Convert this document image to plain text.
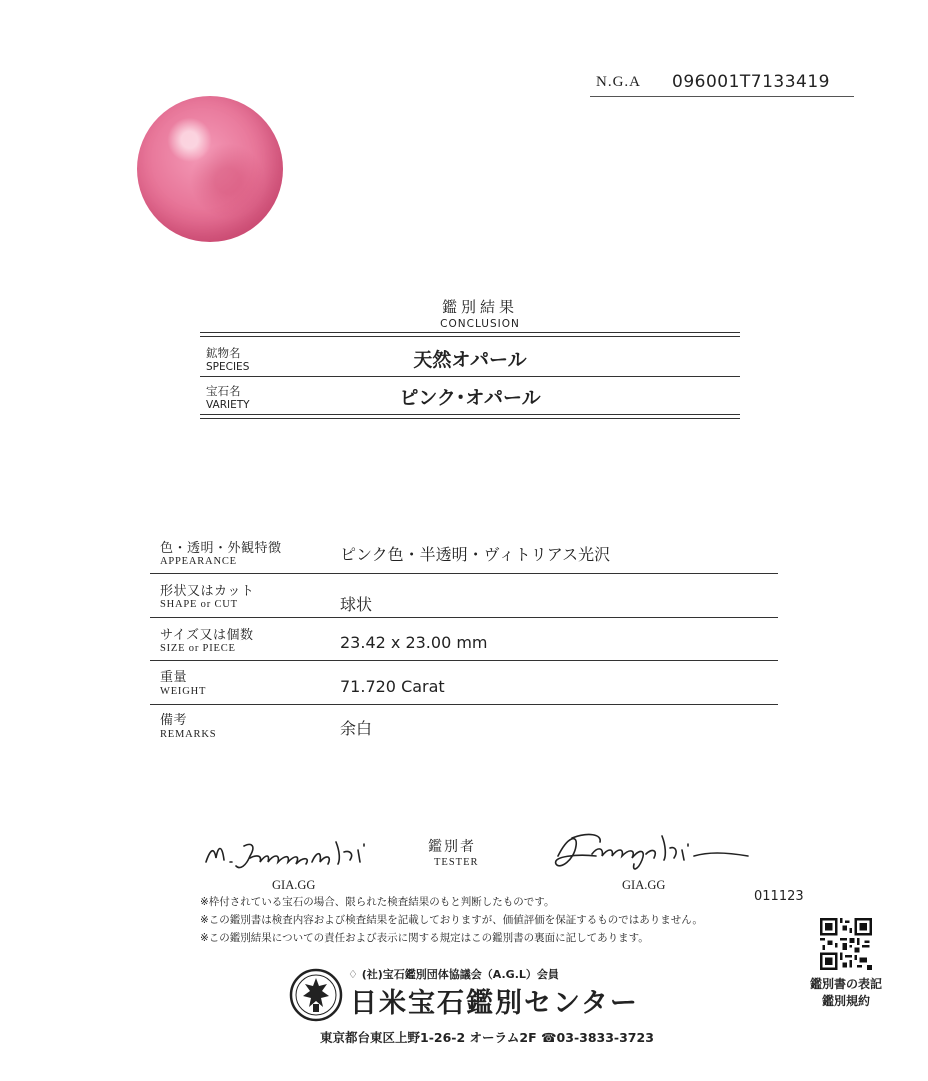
N.G.A 096001T7133419
鑑別結果
CONCLUSION
鉱物名
SPECIES	天然オパール
宝石名
VARIETY	ピンク･オパール
色・透明・外観特徴
APPEARANCE	ピンク色・半透明・ヴィトリアス光沢
形状又はカット
SHAPE or CUT	球状
サイズ又は個数
SIZE or PIECE	23.42 x 23.00 mm
重量
WEIGHT	71.720 Carat
備考
REMARKS	余白
鑑別者
TESTER
GIA.GG	GIA.GG
011123
※枠付されている宝石の場合、限られた検査結果のもと判断したものです。
※この鑑別書は検査内容および検査結果を記載しておりますが、価値評価を保証するものではありません。
※この鑑別結果についての責任および表示に関する規定はこの鑑別書の裏面に記してあります。
鑑別書の表記
鑑別規約
♢ (社)宝石鑑別団体協議会（A.G.L）会員
日米宝石鑑別センター
東京都台東区上野1-26-2 オーラム2F ☎03-3833-3723
